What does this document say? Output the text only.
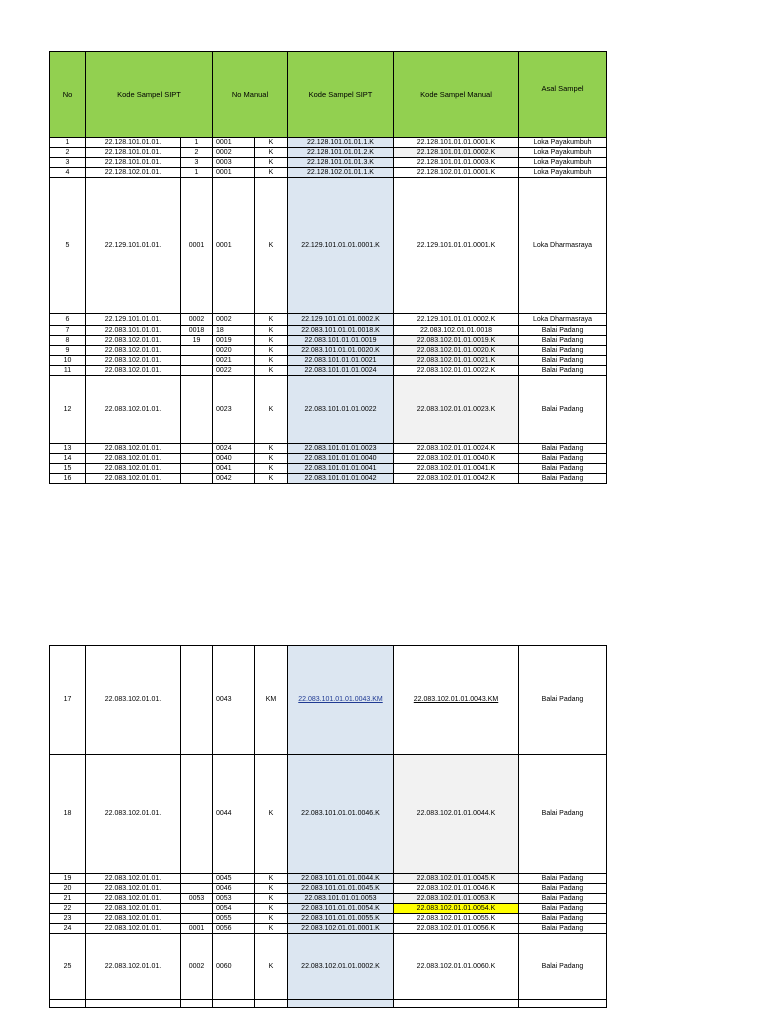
No	Kode Sampel SIPT		No Manual		Kode Sampel SIPT	Kode Sampel Manual	Asal Sampel
1	22.128.101.01.01.	1	0001	K	22.128.101.01.01.1.K	22.128.101.01.01.0001.K	Loka Payakumbuh
2	22.128.101.01.01.	2	0002	K	22.128.101.01.01.2.K	22.128.101.01.01.0002.K	Loka Payakumbuh
3	22.128.101.01.01.	3	0003	K	22.128.101.01.01.3.K	22.128.101.01.01.0003.K	Loka Payakumbuh
4	22.128.102.01.01.	1	0001	K	22.128.102.01.01.1.K	22.128.102.01.01.0001.K	Loka Payakumbuh
5	22.129.101.01.01.	0001	0001	K	22.129.101.01.01.0001.K	22.129.101.01.01.0001.K	Loka Dharmasraya
6	22.129.101.01.01.	0002	0002	K	22.129.101.01.01.0002.K	22.129.101.01.01.0002.K	Loka Dharmasraya
7	22.083.101.01.01.	0018	18	K	22.083.101.01.01.0018.K	22.083.102.01.01.0018	Balai Padang
8	22.083.102.01.01.	19	0019	K	22.083.101.01.01.0019	22.083.102.01.01.0019.K	Balai Padang
9	22.083.102.01.01.		0020	K	22.083.101.01.01.0020.K	22.083.102.01.01.0020.K	Balai Padang
10	22.083.102.01.01.		0021	K	22.083.101.01.01.0021	22.083.102.01.01.0021.K	Balai Padang
11	22.083.102.01.01.		0022	K	22.083.101.01.01.0024	22.083.102.01.01.0022.K	Balai Padang
12	22.083.102.01.01.		0023	K	22.083.101.01.01.0022	22.083.102.01.01.0023.K	Balai Padang
13	22.083.102.01.01.		0024	K	22.083.101.01.01.0023	22.083.102.01.01.0024.K	Balai Padang
14	22.083.102.01.01.		0040	K	22.083.101.01.01.0040	22.083.102.01.01.0040.K	Balai Padang
15	22.083.102.01.01.		0041	K	22.083.101.01.01.0041	22.083.102.01.01.0041.K	Balai Padang
16	22.083.102.01.01.		0042	K	22.083.101.01.01.0042	22.083.102.01.01.0042.K	Balai Padang
17	22.083.102.01.01.		0043	KM	22.083.101.01.01.0043.KM	22.083.102.01.01.0043.KM	Balai Padang
18	22.083.102.01.01.		0044	K	22.083.101.01.01.0046.K	22.083.102.01.01.0044.K	Balai Padang
19	22.083.102.01.01.		0045	K	22.083.101.01.01.0044.K	22.083.102.01.01.0045.K	Balai Padang
20	22.083.102.01.01.		0046	K	22.083.101.01.01.0045.K	22.083.102.01.01.0046.K	Balai Padang
21	22.083.102.01.01.	0053	0053	K	22.083.101.01.01.0053	22.083.102.01.01.0053.K	Balai Padang
22	22.083.102.01.01.		0054	K	22.083.101.01.01.0054.K	22.083.102.01.01.0054.K	Balai Padang
23	22.083.102.01.01.		0055	K	22.083.101.01.01.0055.K	22.083.102.01.01.0055.K	Balai Padang
24	22.083.102.01.01.	0001	0056	K	22.083.102.01.01.0001.K	22.083.102.01.01.0056.K	Balai Padang
25	22.083.102.01.01.	0002	0060	K	22.083.102.01.01.0002.K	22.083.102.01.01.0060.K	Balai Padang
